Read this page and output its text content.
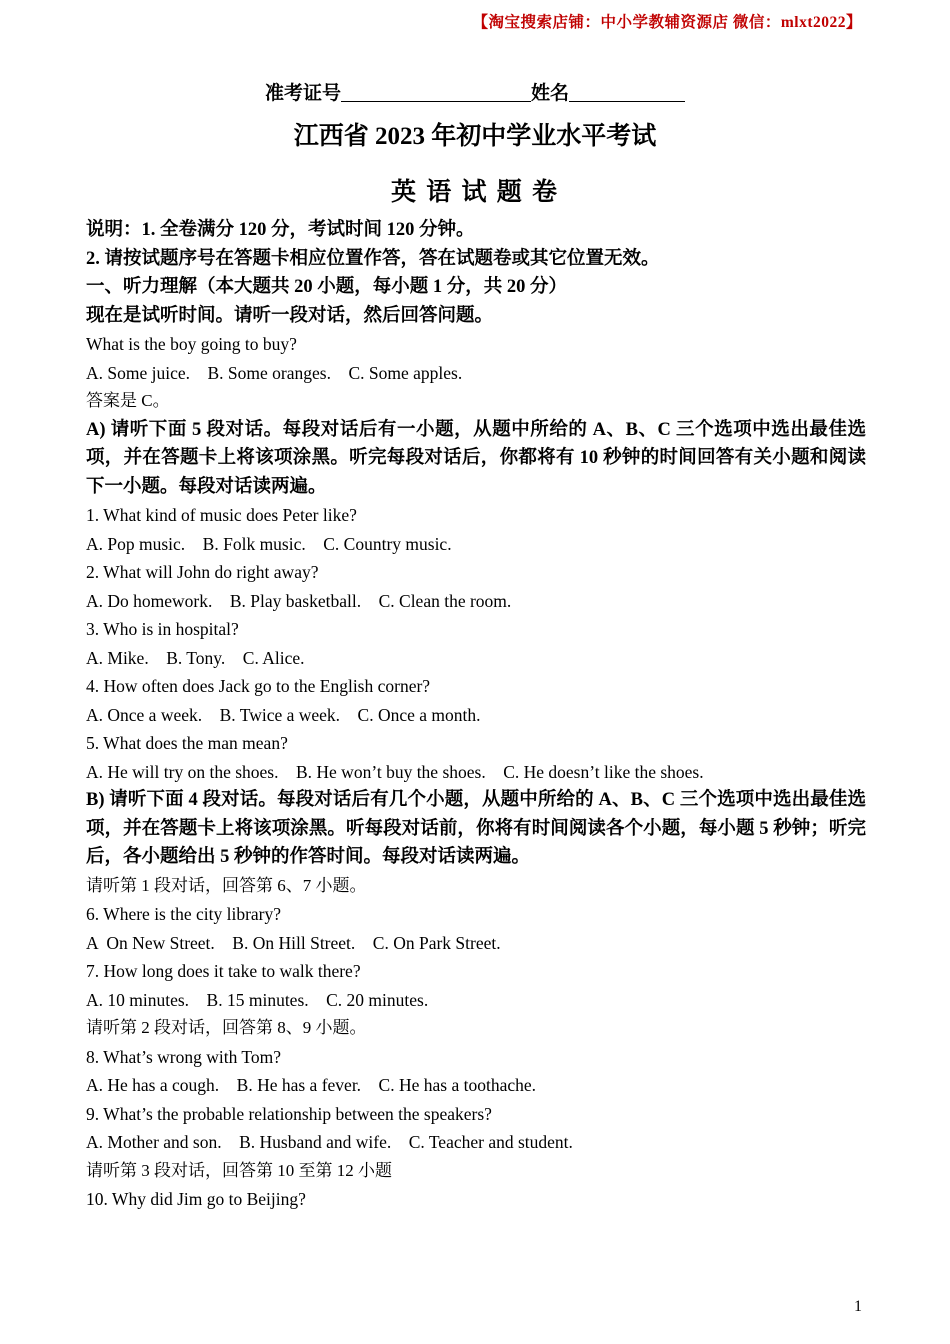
【淘宝搜索店铺：中小学教辅资源店 微信：mlxt2022】
准考证号	姓名
江西省 2023 年初中学业水平考试
英 语 试 题 卷

说明：1. 全卷满分 120 分，考试时间 120 分钟。

2. 请按试题序号在答题卡相应位置作答，答在试题卷或其它位置无效。

一、听力理解（本大题共 20 小题，每小题 1 分，共 20 分）

现在是试听时间。请听一段对话，然后回答问题。

What is the boy going to buy?

A. Some juice.    B. Some oranges.    C. Some apples.

答案是 C。

A) 请听下面 5 段对话。每段对话后有一小题，从题中所给的 A、B、C 三个选项中选出最佳选项，并在答题卡上将该项涂黑。听完每段对话后，你都将有 10 秒钟的时间回答有关小题和阅读下一小题。每段对话读两遍。

1. What kind of music does Peter like?

A. Pop music.    B. Folk music.    C. Country music.

2. What will John do right away?

A. Do homework.    B. Play basketball.    C. Clean the room.

3. Who is in hospital?

A. Mike.    B. Tony.    C. Alice.

4. How often does Jack go to the English corner?

A. Once a week.    B. Twice a week.    C. Once a month.

5. What does the man mean?

A. He will try on the shoes.    B. He won’t buy the shoes.    C. He doesn’t like the shoes.

B) 请听下面 4 段对话。每段对话后有几个小题，从题中所给的 A、B、C 三个选项中选出最佳选项，并在答题卡上将该项涂黑。听每段对话前，你将有时间阅读各个小题，每小题 5 秒钟；听完后，各小题给出 5 秒钟的作答时间。每段对话读两遍。

请听第 1 段对话，回答第 6、7 小题。

6. Where is the city library?

A  On New Street.    B. On Hill Street.    C. On Park Street.

7. How long does it take to walk there?

A. 10 minutes.    B. 15 minutes.    C. 20 minutes.

请听第 2 段对话，回答第 8、9 小题。

8. What’s wrong with Tom?

A. He has a cough.    B. He has a fever.    C. He has a toothache.

9. What’s the probable relationship between the speakers?

A. Mother and son.    B. Husband and wife.    C. Teacher and student.

请听第 3 段对话，回答第 10 至第 12 小题

10. Why did Jim go to Beijing?

1
